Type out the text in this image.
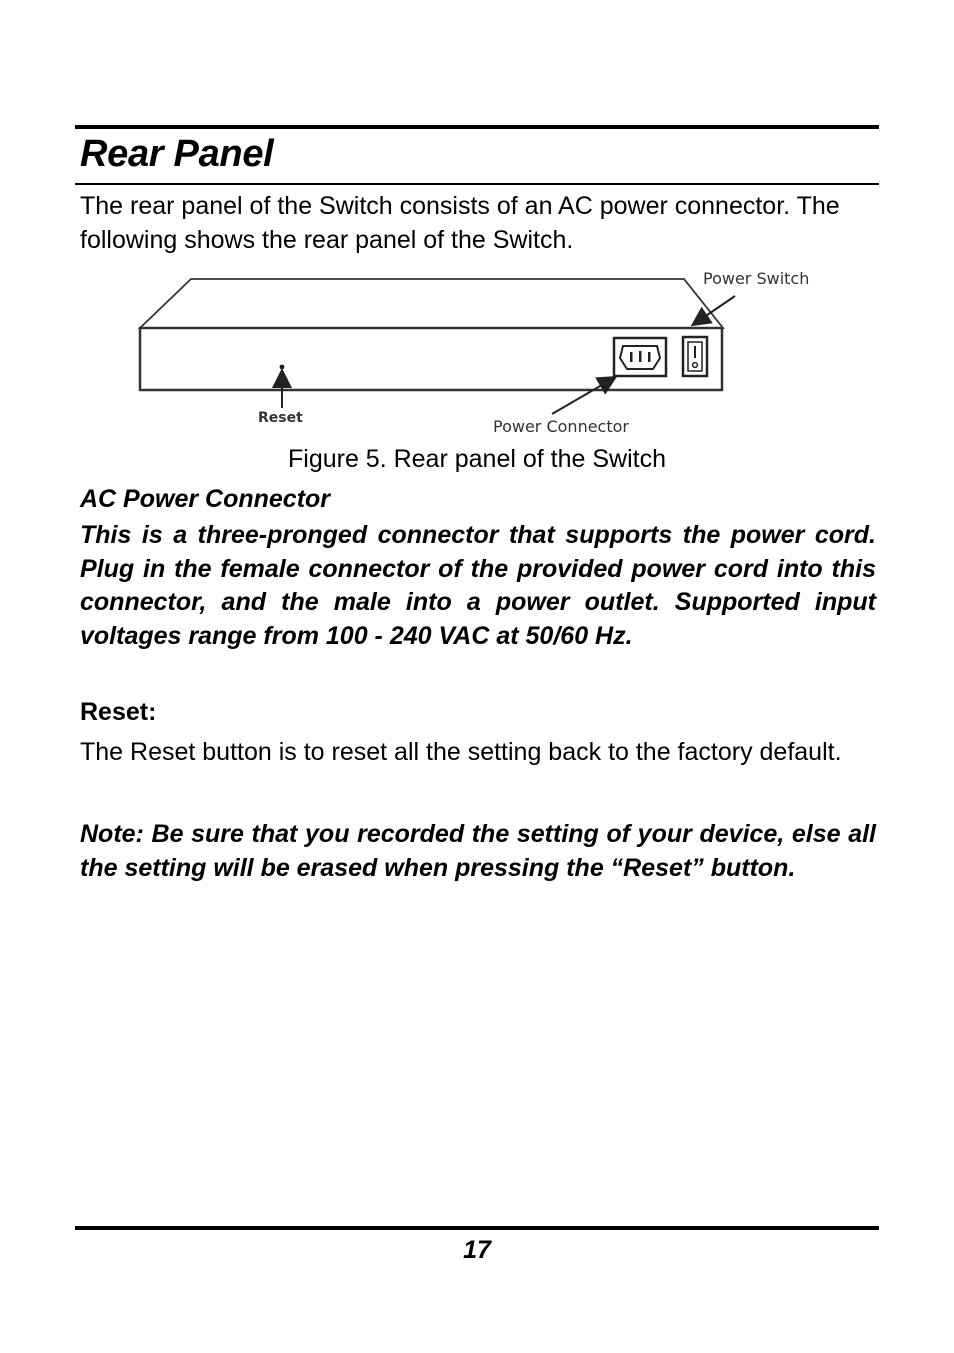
Rear Panel

The rear panel of the Switch consists of an AC power connector. The following shows the rear panel of the Switch.

Power Switch
Reset	Power Connector

Figure 5. Rear panel of the Switch

AC Power Connector

This is a three-pronged connector that supports the power cord. Plug in the female connector of the provided power cord into this connector, and the male into a power outlet. Supported input voltages range from 100 - 240 VAC at 50/60 Hz.

Reset:

The Reset button is to reset all the setting back to the factory default.

Note: Be sure that you recorded the setting of your device, else all the setting will be erased when pressing the “Reset” button.

17
